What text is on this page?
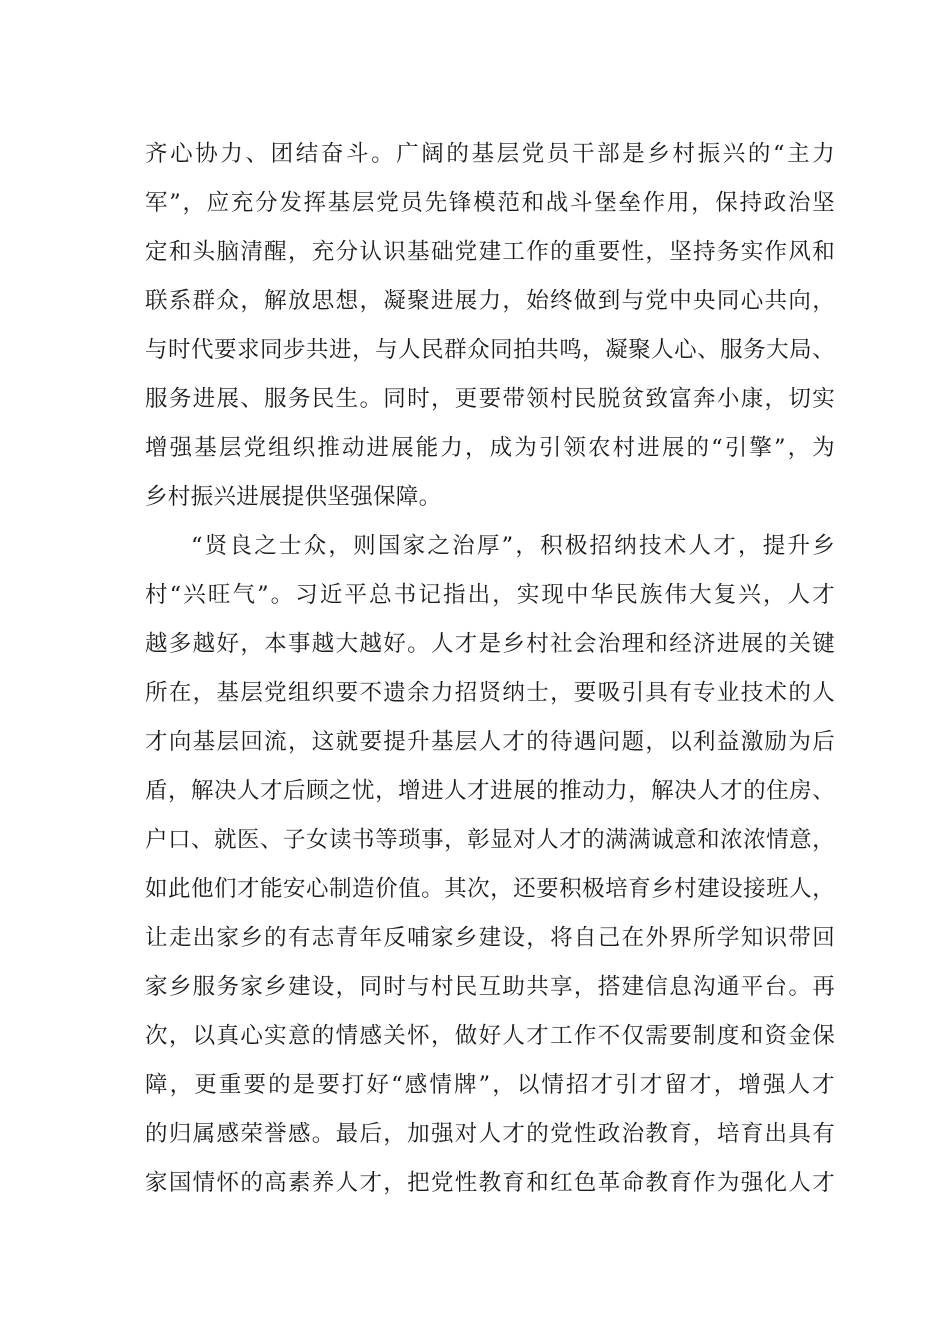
齐心协力、团结奋斗。广阔的基层党员干部是乡村振兴的“主力
军”，应充分发挥基层党员先锋模范和战斗堡垒作用，保持政治坚
定和头脑清醒，充分认识基础党建工作的重要性，坚持务实作风和
联系群众，解放思想，凝聚进展力，始终做到与党中央同心共向，
与时代要求同步共进，与人民群众同拍共鸣，凝聚人心、服务大局、
服务进展、服务民生。同时，更要带领村民脱贫致富奔小康，切实
增强基层党组织推动进展能力，成为引领农村进展的“引擎”，为
乡村振兴进展提供坚强保障。
“贤良之士众，则国家之治厚”，积极招纳技术人才，提升乡
村“兴旺气”。习近平总书记指出，实现中华民族伟大复兴，人才
越多越好，本事越大越好。人才是乡村社会治理和经济进展的关键
所在，基层党组织要不遗余力招贤纳士，要吸引具有专业技术的人
才向基层回流，这就要提升基层人才的待遇问题，以利益激励为后
盾，解决人才后顾之忧，增进人才进展的推动力，解决人才的住房、
户口、就医、子女读书等琐事，彰显对人才的满满诚意和浓浓情意，
如此他们才能安心制造价值。其次，还要积极培育乡村建设接班人，
让走出家乡的有志青年反哺家乡建设，将自己在外界所学知识带回
家乡服务家乡建设，同时与村民互助共享，搭建信息沟通平台。再
次，以真心实意的情感关怀，做好人才工作不仅需要制度和资金保
障，更重要的是要打好“感情牌”，以情招才引才留才，增强人才
的归属感荣誉感。最后，加强对人才的党性政治教育，培育出具有
家国情怀的高素养人才，把党性教育和红色革命教育作为强化人才
